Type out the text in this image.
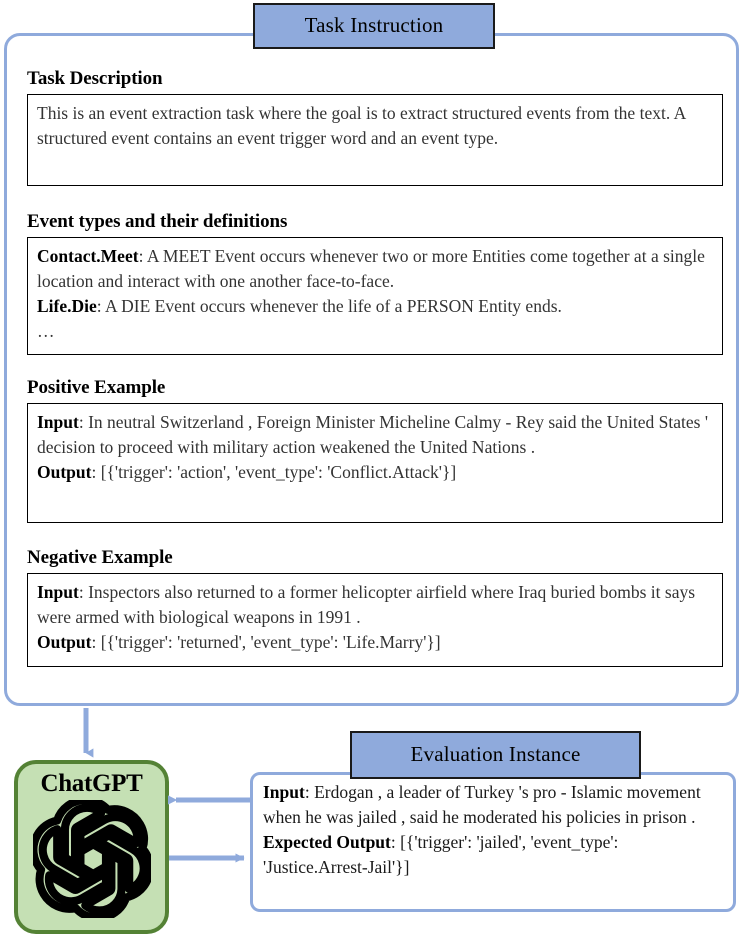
Task Description
This is an event extraction task where the goal is to extract structured events from the text. A structured event contains an event trigger word and an event type.
Event types and their definitions
Contact.Meet: A MEET Event occurs whenever two or more Entities come together at a single location and interact with one another face-to-face.
Life.Die: A DIE Event occurs whenever the life of a PERSON Entity ends.
…
Positive Example
Input: In neutral Switzerland , Foreign Minister Micheline Calmy - Rey said the United States ' decision to proceed with military action weakened the United Nations .
Output: [{'trigger': 'action', 'event_type': 'Conflict.Attack'}]
Negative Example
Input: Inspectors also returned to a former helicopter airfield where Iraq buried bombs it says were armed with biological weapons in 1991 .
Output: [{'trigger': 'returned', 'event_type': 'Life.Marry'}]
Task Instruction
Evaluation Instance
ChatGPT	Input: Erdogan , a leader of Turkey 's pro - Islamic movement when he was jailed , said he moderated his policies in prison .
Expected Output: [{'trigger': 'jailed', 'event_type': 'Justice.Arrest-Jail'}]
